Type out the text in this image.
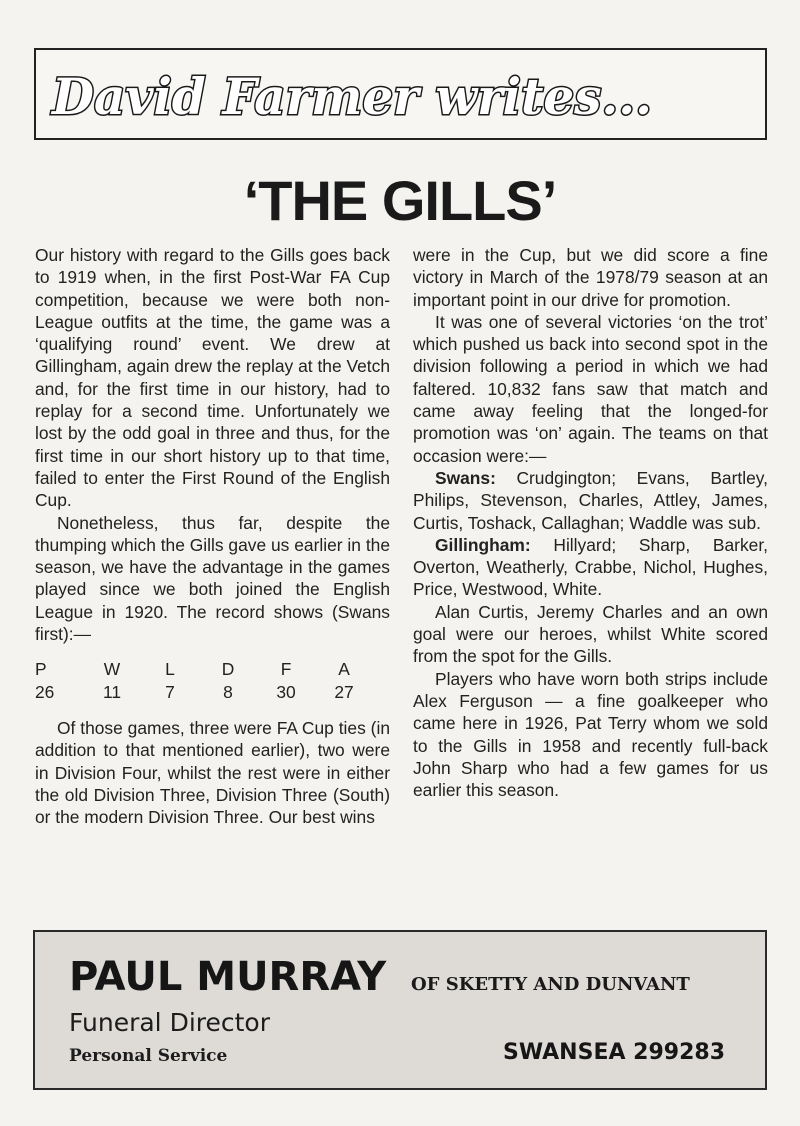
David Farmer writes...
‘THE GILLS’

Our history with regard to the Gills goes back to 1919 when, in the first Post-War FA Cup competition, because we were both non-League outfits at the time, the game was a ‘qualifying round’ event. We drew at Gillingham, again drew the replay at the Vetch and, for the first time in our history, had to replay for a second time. Unfortunately we lost by the odd goal in three and thus, for the first time in our short history up to that time, failed to enter the First Round of the English Cup.

Nonetheless, thus far, despite the thumping which the Gills gave us earlier in the season, we have the advantage in the games played since we both joined the English League in 1920. The record shows (Swans first):—

P	W	L	D	F	A
26	11	7	8	30	27

Of those games, three were FA Cup ties (in addition to that mentioned earlier), two were in Division Four, whilst the rest were in either the old Division Three, Division Three (South) or the modern Division Three. Our best wins

were in the Cup, but we did score a fine victory in March of the 1978/79 season at an important point in our drive for promotion.

It was one of several victories ‘on the trot’ which pushed us back into second spot in the division following a period in which we had faltered. 10,832 fans saw that match and came away feeling that the longed-for promotion was ‘on’ again. The teams on that occasion were:—

Swans: Crudgington; Evans, Bartley, Philips, Stevenson, Charles, Attley, James, Curtis, Toshack, Callaghan; Waddle was sub.

Gillingham: Hillyard; Sharp, Barker, Overton, Weatherly, Crabbe, Nichol, Hughes, Price, Westwood, White.

Alan Curtis, Jeremy Charles and an own goal were our heroes, whilst White scored from the spot for the Gills.

Players who have worn both strips include Alex Ferguson — a fine goalkeeper who came here in 1926, Pat Terry whom we sold to the Gills in 1958 and recently full-back John Sharp who had a few games for us earlier this season.

PAUL MURRAY OF SKETTY AND DUNVANT
Funeral Director
Personal Service	SWANSEA 299283
